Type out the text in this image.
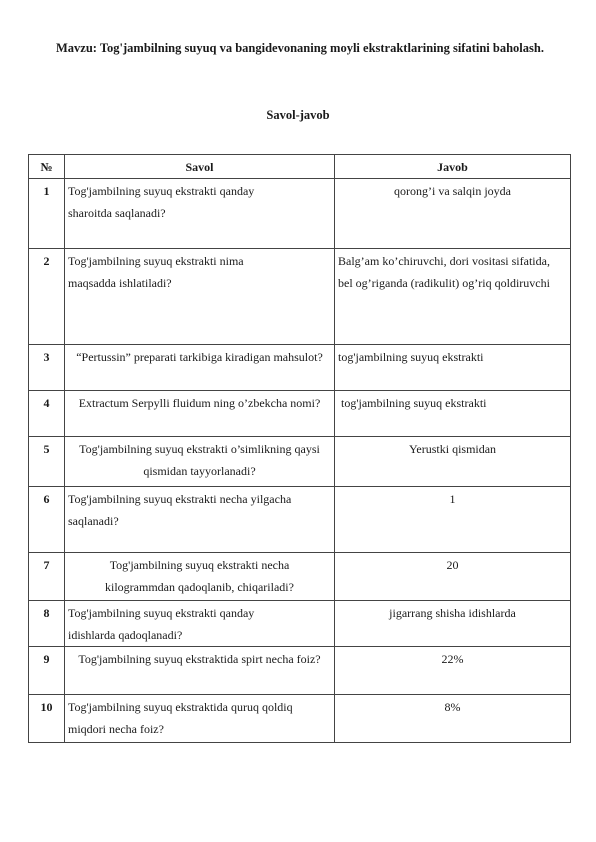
Mavzu: Tog'jambilning suyuq va bangidevonaning moyli ekstraktlarining sifatini baholash.
Savol-javob
№	Savol	Javob
1	Tog'jambilning suyuq ekstrakti qanday sharoitda saqlanadi?	qorong’i va salqin joyda
2	Tog'jambilning suyuq ekstrakti nima maqsadda ishlatiladi?	Balg’am ko’chiruvchi, dori vositasi sifatida, bel og’riganda (radikulit) og’riq qoldiruvchi
3	“Pertussin” preparati tarkibiga kiradigan mahsulot?	tog'jambilning suyuq ekstrakti
4	Extractum Serpylli fluidum ning o’zbekcha nomi?	tog'jambilning suyuq ekstrakti
5	Tog'jambilning suyuq ekstrakti o’simlikning qaysi qismidan tayyorlanadi?	Yerustki qismidan
6	Tog'jambilning suyuq ekstrakti necha yilgacha saqlanadi?	1
7	Tog'jambilning suyuq ekstrakti necha kilogrammdan qadoqlanib, chiqariladi?	20
8	Tog'jambilning suyuq ekstrakti qanday idishlarda qadoqlanadi?	jigarrang shisha idishlarda
9	Tog'jambilning suyuq ekstraktida spirt necha foiz?	22%
10	Tog'jambilning suyuq ekstraktida quruq qoldiq miqdori necha foiz?	8%
